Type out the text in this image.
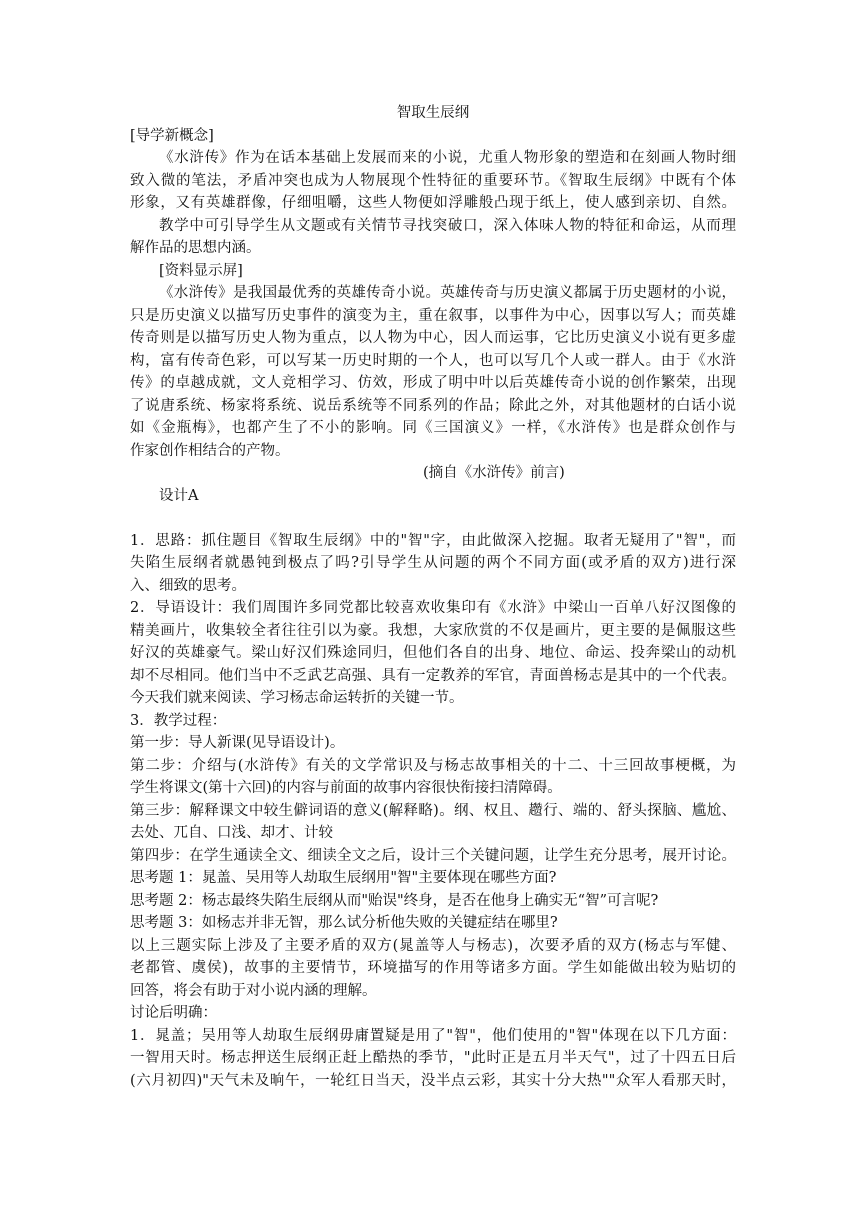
智取生辰纲
[导学新概念]
《水浒传》作为在话本基础上发展而来的小说，尤重人物形象的塑造和在刻画人物时细
致入微的笔法，矛盾冲突也成为人物展现个性特征的重要环节。《智取生辰纲》中既有个体
形象，又有英雄群像，仔细咀嚼，这些人物便如浮雕般凸现于纸上，使人感到亲切、自然。
教学中可引导学生从文题或有关情节寻找突破口，深入体味人物的特征和命运，从而理
解作品的思想内涵。
[资料显示屏]
《水浒传》是我国最优秀的英雄传奇小说。英雄传奇与历史演义都属于历史题材的小说，
只是历史演义以描写历史事件的演变为主，重在叙事，以事件为中心，因事以写人；而英雄
传奇则是以描写历史人物为重点，以人物为中心，因人而运事，它比历史演义小说有更多虚
构，富有传奇色彩，可以写某一历史时期的一个人，也可以写几个人或一群人。由于《水浒
传》的卓越成就，文人竞相学习、仿效，形成了明中叶以后英雄传奇小说的创作繁荣，出现
了说唐系统、杨家将系统、说岳系统等不同系列的作品；除此之外，对其他题材的白话小说
如《金瓶梅》，也都产生了不小的影响。同《三国演义》一样，《水浒传》也是群众创作与
作家创作相结合的产物。
(摘自《水浒传》前言)
设计A
1．思路：抓住题目《智取生辰纲》中的"智"字，由此做深入挖掘。取者无疑用了"智"，而
失陷生辰纲者就愚钝到极点了吗?引导学生从问题的两个不同方面(或矛盾的双方)进行深
入、细致的思考。
2．导语设计：我们周围许多同党都比较喜欢收集印有《水浒》中梁山一百单八好汉图像的
精美画片，收集较全者往往引以为豪。我想，大家欣赏的不仅是画片，更主要的是佩服这些
好汉的英雄豪气。梁山好汉们殊途同归，但他们各自的出身、地位、命运、投奔梁山的动机
却不尽相同。他们当中不乏武艺高强、具有一定教养的军官，青面兽杨志是其中的一个代表。
今天我们就来阅读、学习杨志命运转折的关键一节。
3．教学过程：
第一步：导人新课(见导语设计)。
第二步：介绍与(水浒传》有关的文学常识及与杨志故事相关的十二、十三回故事梗概，为
学生将课文(第十六回)的内容与前面的故事内容很快衔接扫清障碍。
第三步：解释课文中较生僻词语的意义(解释略)。纲、权且、趱行、端的、舒头探脑、尴尬、
去处、兀自、口浅、却才、计较
第四步：在学生通读全文、细读全文之后，设计三个关键问题，让学生充分思考，展开讨论。
思考题 1：晁盖、吴用等人劫取生辰纲用"智"主要体现在哪些方面?
思考题 2：杨志最终失陷生辰纲从而"贻误"终身，是否在他身上确实无“智”可言呢?
思考题 3：如杨志并非无智，那么试分析他失败的关键症结在哪里?
以上三题实际上涉及了主要矛盾的双方(晁盖等人与杨志)，次要矛盾的双方(杨志与军健、
老都管、虞侯)，故事的主要情节，环境描写的作用等诸多方面。学生如能做出较为贴切的
回答，将会有助于对小说内涵的理解。
讨论后明确：
1．晁盖；吴用等人劫取生辰纲毋庸置疑是用了"智"，他们使用的"智"体现在以下几方面：
一智用天时。杨志押送生辰纲正赶上酷热的季节，"此时正是五月半天气"，过了十四五日后
(六月初四)"天气未及晌午，一轮红日当天，没半点云彩，其实十分大热""众军人看那天时，
